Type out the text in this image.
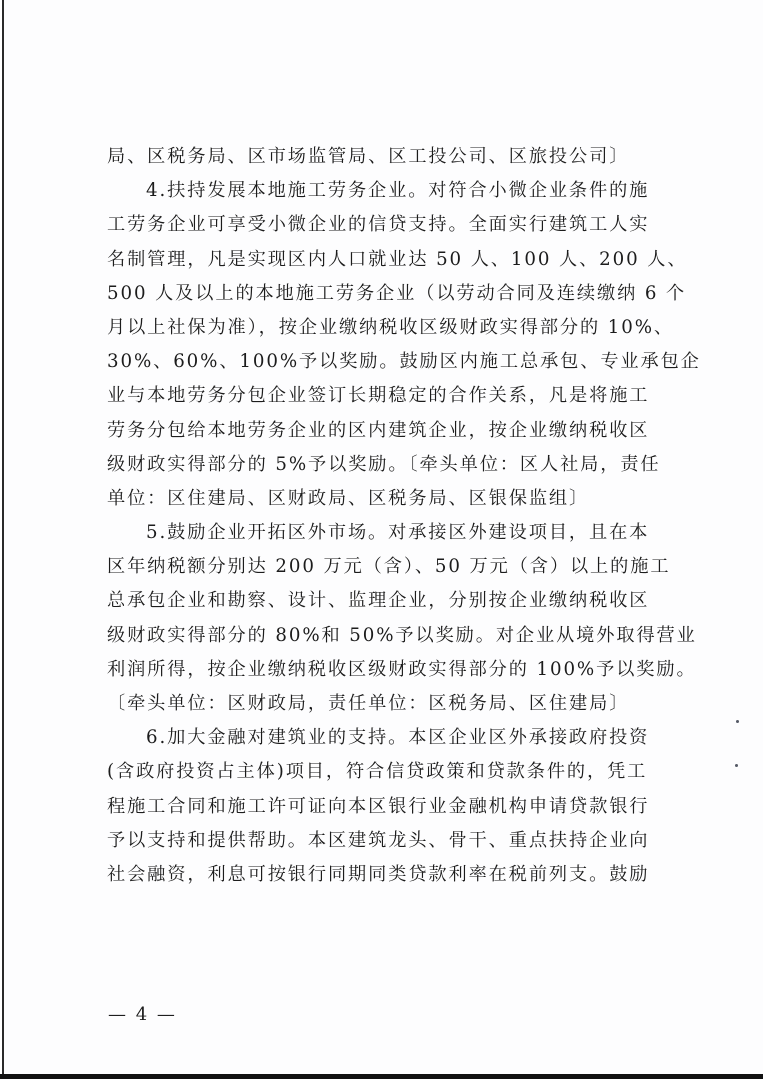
局、区税务局、区市场监管局、区工投公司、区旅投公司〕
4.扶持发展本地施工劳务企业。对符合小微企业条件的施
工劳务企业可享受小微企业的信贷支持。全面实行建筑工人实
名制管理，凡是实现区内人口就业达 50 人、100 人、200 人、
500 人及以上的本地施工劳务企业（以劳动合同及连续缴纳 6 个
月以上社保为准），按企业缴纳税收区级财政实得部分的 10%、
30%、60%、100%予以奖励。鼓励区内施工总承包、专业承包企
业与本地劳务分包企业签订长期稳定的合作关系，凡是将施工
劳务分包给本地劳务企业的区内建筑企业，按企业缴纳税收区
级财政实得部分的 5%予以奖励。〔牵头单位：区人社局，责任
单位：区住建局、区财政局、区税务局、区银保监组〕
5.鼓励企业开拓区外市场。对承接区外建设项目，且在本
区年纳税额分别达 200 万元（含）、50 万元（含）以上的施工
总承包企业和勘察、设计、监理企业，分别按企业缴纳税收区
级财政实得部分的 80%和 50%予以奖励。对企业从境外取得营业
利润所得，按企业缴纳税收区级财政实得部分的 100%予以奖励。
〔牵头单位：区财政局，责任单位：区税务局、区住建局〕
6.加大金融对建筑业的支持。本区企业区外承接政府投资
(含政府投资占主体)项目，符合信贷政策和贷款条件的，凭工
程施工合同和施工许可证向本区银行业金融机构申请贷款银行
予以支持和提供帮助。本区建筑龙头、骨干、重点扶持企业向
社会融资，利息可按银行同期同类贷款利率在税前列支。鼓励
— 4 —
